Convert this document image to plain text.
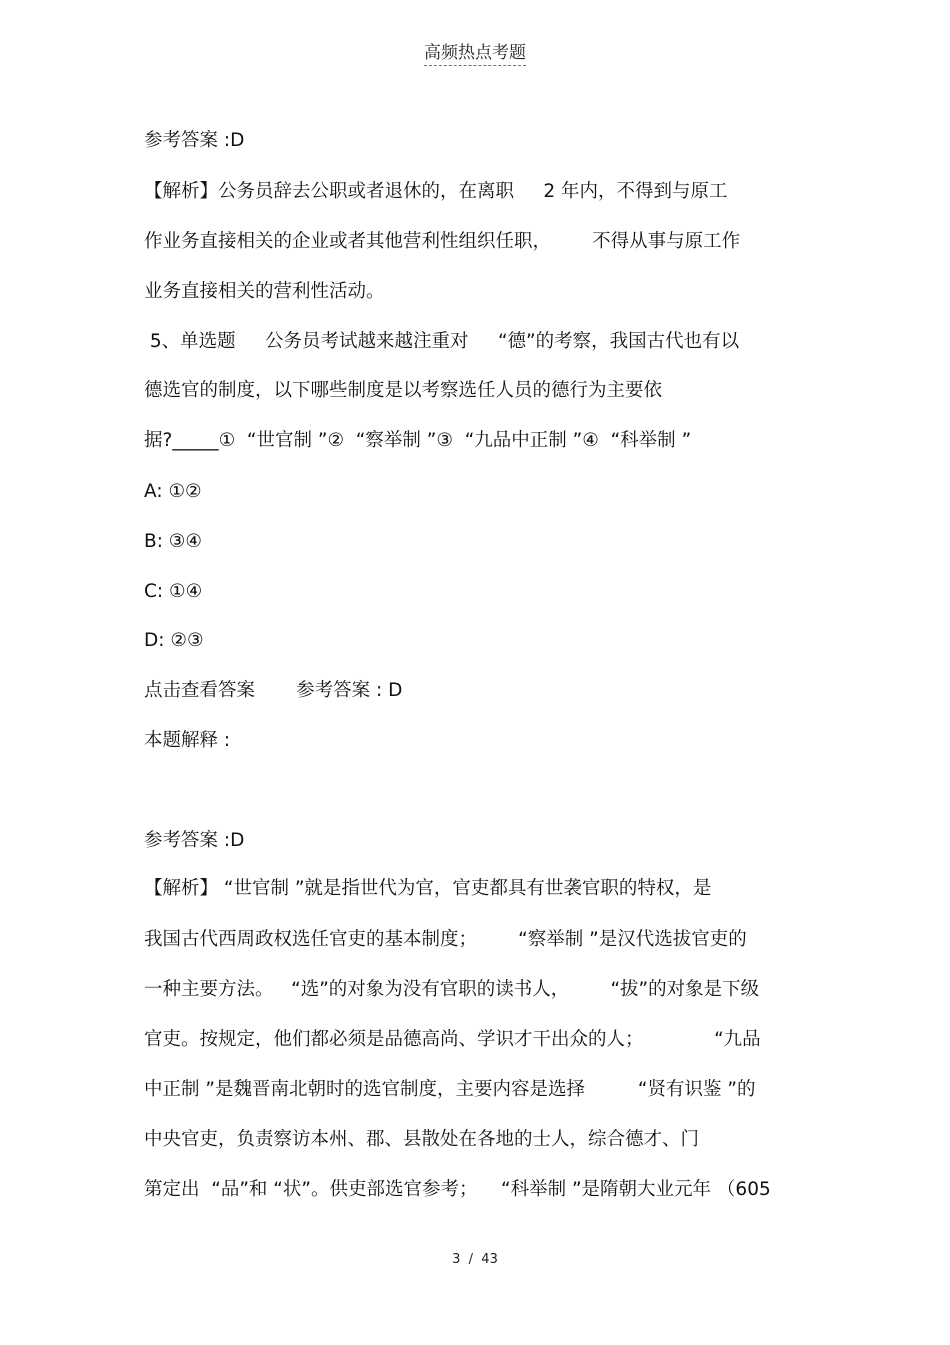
高频热点考题
参考答案 :D
【解析】公务员辞去公职或者退休的，在离职     2 年内，不得到与原工
作业务直接相关的企业或者其他营利性组织任职，       不得从事与原工作
业务直接相关的营利性活动。
5、单选题     公务员考试越来越注重对     “德”的考察，我国古代也有以
德选官的制度，以下哪些制度是以考察选任人员的德行为主要依
据?_____①  “世官制 ”②  “察举制 ”③  “九品中正制 ”④  “科举制 ”
A: ①②
B: ③④
C: ①④
D: ②③
点击查看答案       参考答案 : D
本题解释 :
参考答案 :D
【解析】 “世官制 ”就是指世代为官，官吏都具有世袭官职的特权，是
我国古代西周政权选任官吏的基本制度；       “察举制 ”是汉代选拔官吏的
一种主要方法。   “选”的对象为没有官职的读书人，       “拔”的对象是下级
官吏。按规定，他们都必须是品德高尚、学识才干出众的人；            “九品
中正制 ”是魏晋南北朝时的选官制度，主要内容是选择         “贤有识鉴 ”的
中央官吏，负责察访本州、郡、县散处在各地的士人，综合德才、门
第定出  “品”和 “状”。供吏部选官参考；    “科举制 ”是隋朝大业元年 （605
3  /  43
